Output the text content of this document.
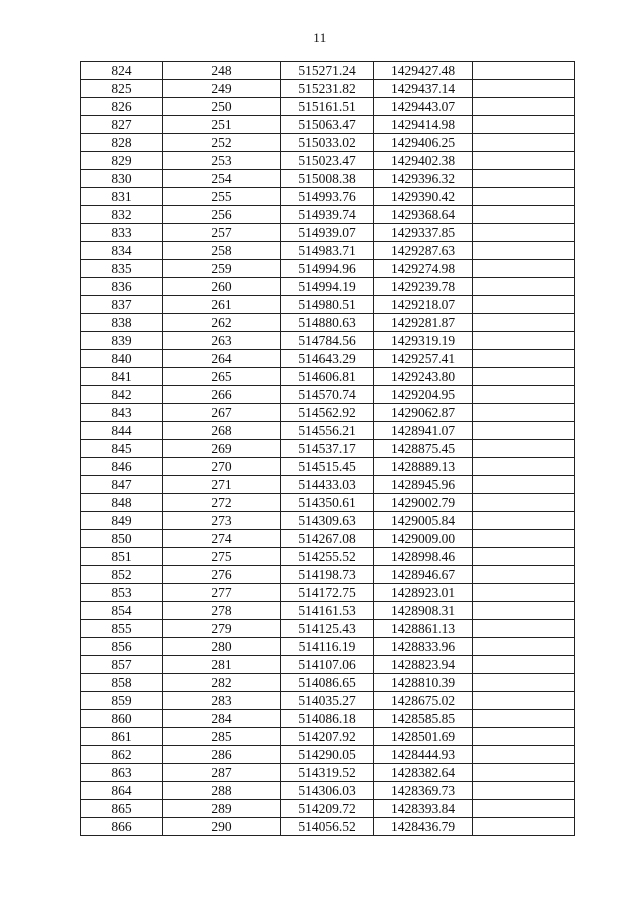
11
824	248	515271.24	1429427.48	
825	249	515231.82	1429437.14	
826	250	515161.51	1429443.07	
827	251	515063.47	1429414.98	
828	252	515033.02	1429406.25	
829	253	515023.47	1429402.38	
830	254	515008.38	1429396.32	
831	255	514993.76	1429390.42	
832	256	514939.74	1429368.64	
833	257	514939.07	1429337.85	
834	258	514983.71	1429287.63	
835	259	514994.96	1429274.98	
836	260	514994.19	1429239.78	
837	261	514980.51	1429218.07	
838	262	514880.63	1429281.87	
839	263	514784.56	1429319.19	
840	264	514643.29	1429257.41	
841	265	514606.81	1429243.80	
842	266	514570.74	1429204.95	
843	267	514562.92	1429062.87	
844	268	514556.21	1428941.07	
845	269	514537.17	1428875.45	
846	270	514515.45	1428889.13	
847	271	514433.03	1428945.96	
848	272	514350.61	1429002.79	
849	273	514309.63	1429005.84	
850	274	514267.08	1429009.00	
851	275	514255.52	1428998.46	
852	276	514198.73	1428946.67	
853	277	514172.75	1428923.01	
854	278	514161.53	1428908.31	
855	279	514125.43	1428861.13	
856	280	514116.19	1428833.96	
857	281	514107.06	1428823.94	
858	282	514086.65	1428810.39	
859	283	514035.27	1428675.02	
860	284	514086.18	1428585.85	
861	285	514207.92	1428501.69	
862	286	514290.05	1428444.93	
863	287	514319.52	1428382.64	
864	288	514306.03	1428369.73	
865	289	514209.72	1428393.84	
866	290	514056.52	1428436.79	
